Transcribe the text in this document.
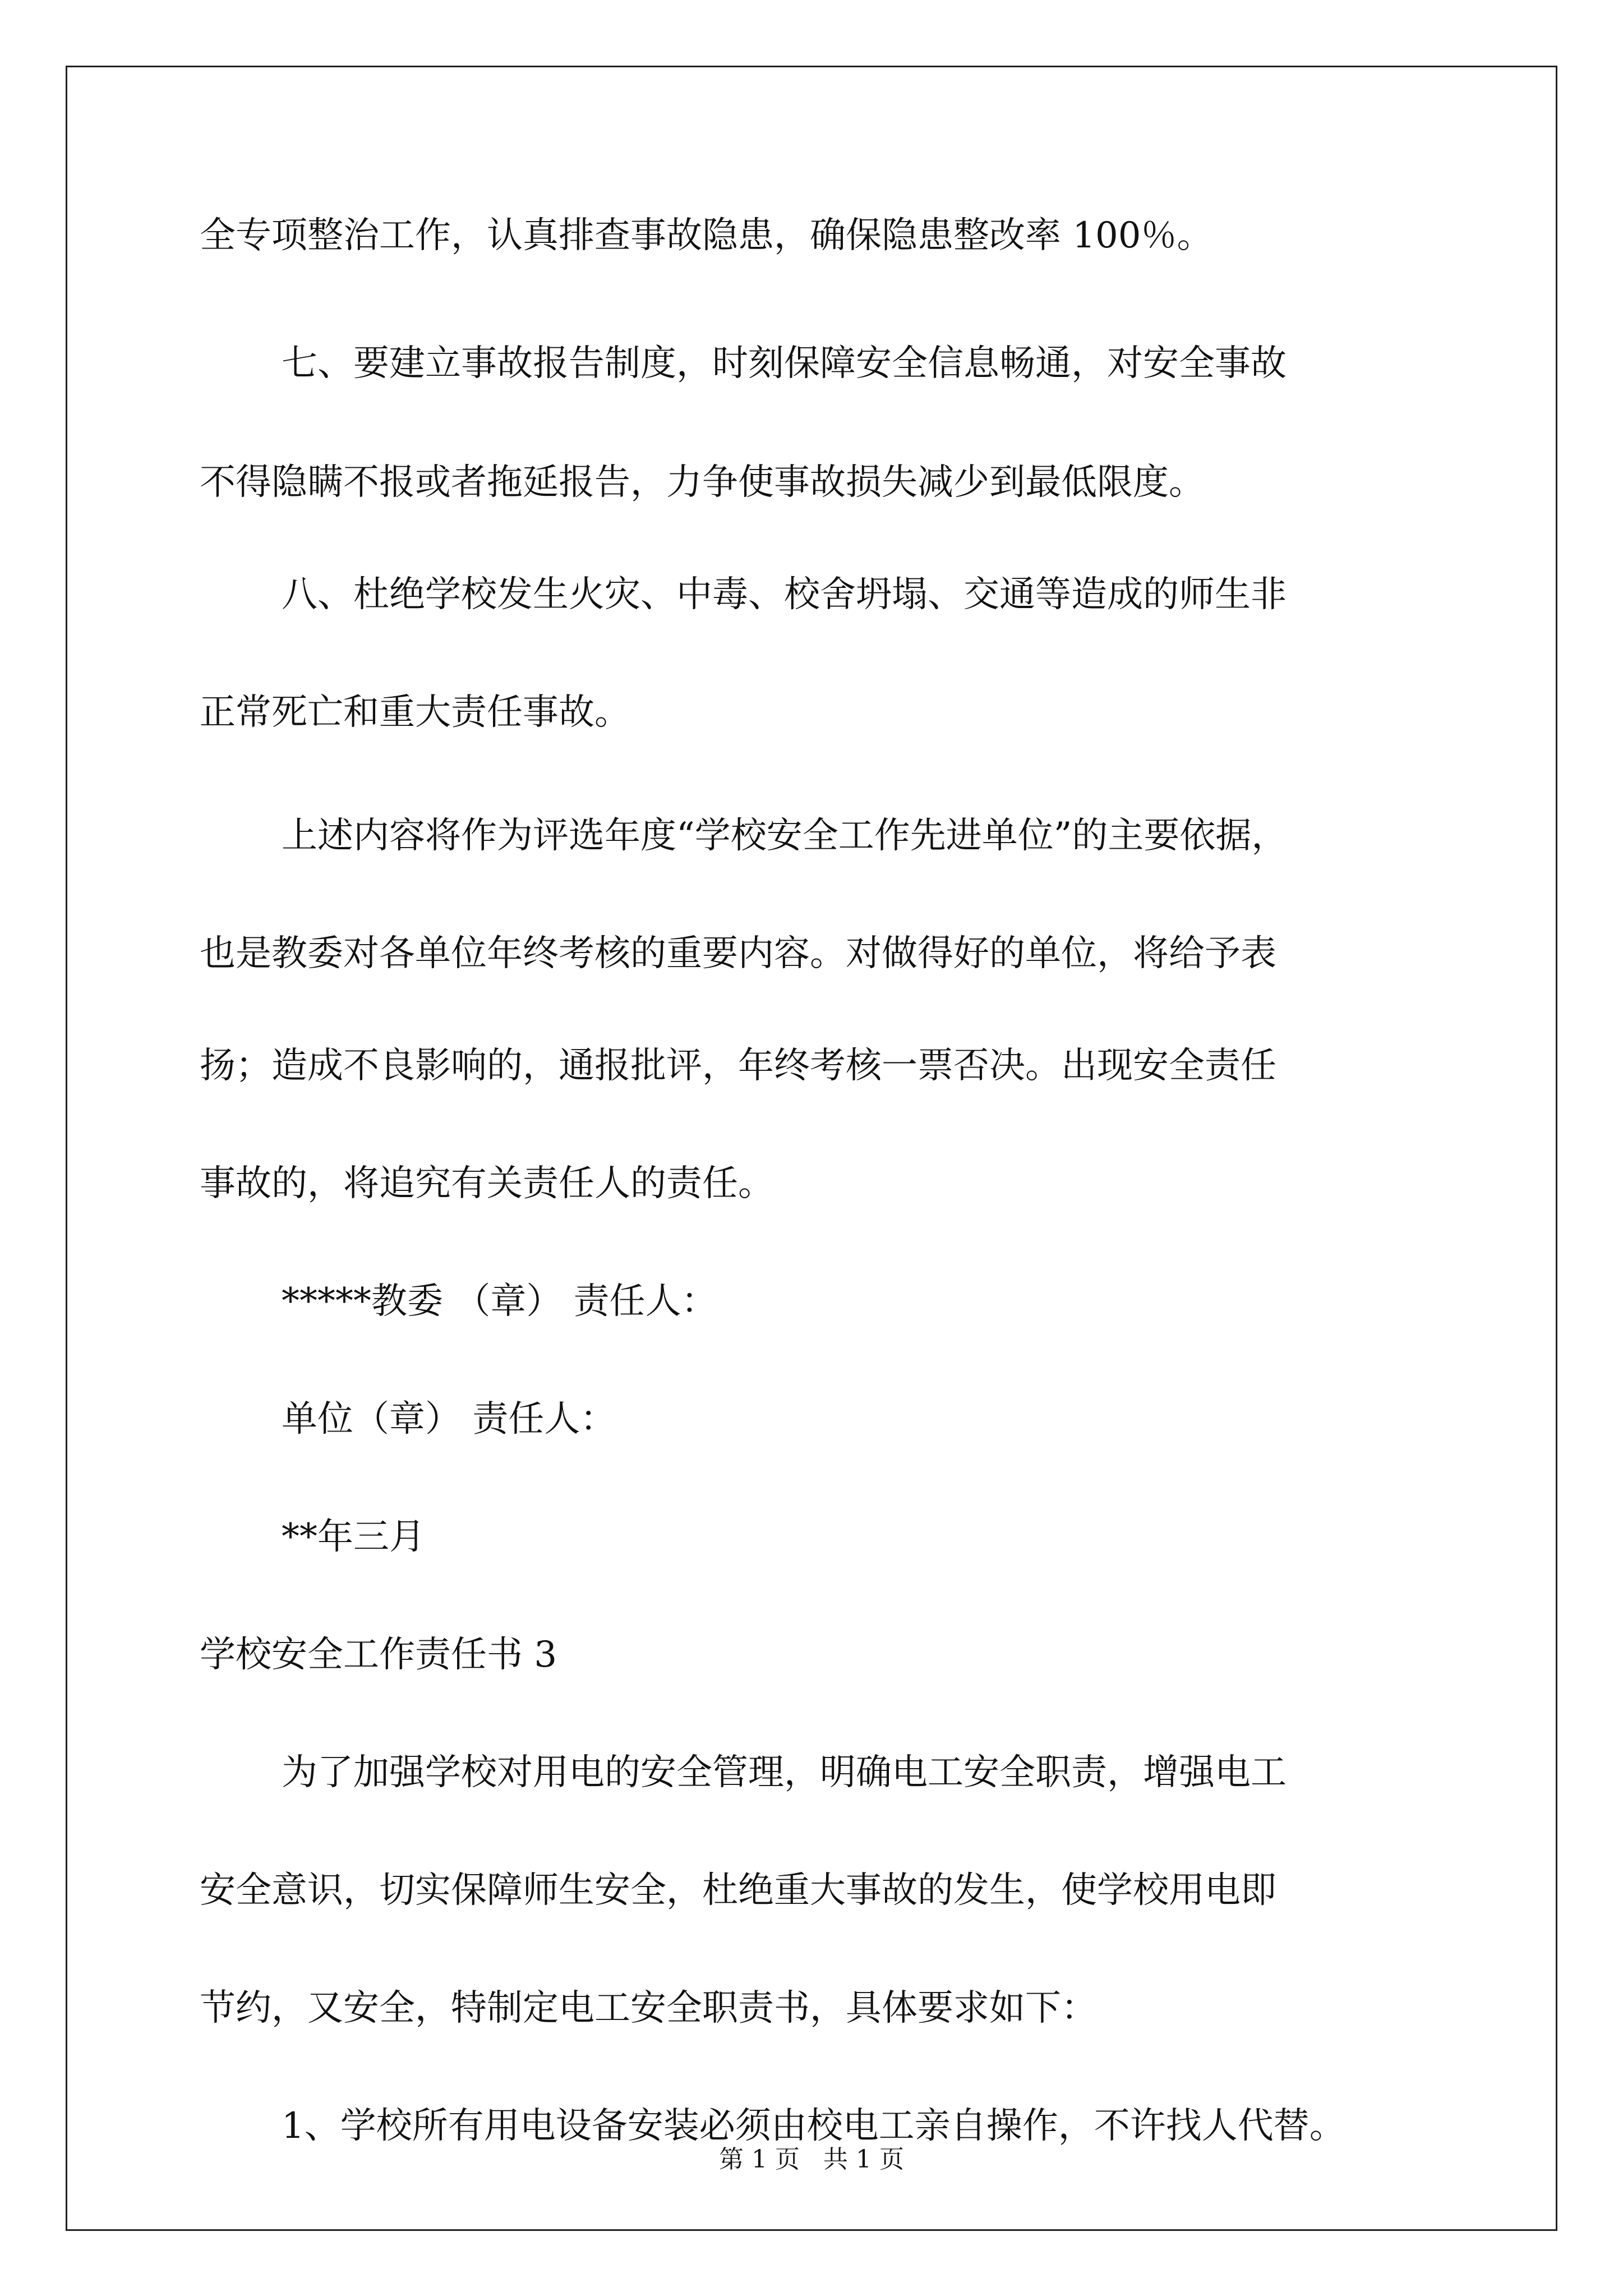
全专项整治工作，认真排查事故隐患，确保隐患整改率 100％。
七、要建立事故报告制度，时刻保障安全信息畅通，对安全事故
不得隐瞒不报或者拖延报告，力争使事故损失减少到最低限度。
八、杜绝学校发生火灾、中毒、校舍坍塌、交通等造成的师生非
正常死亡和重大责任事故。
上述内容将作为评选年度“学校安全工作先进单位”的主要依据，
也是教委对各单位年终考核的重要内容。对做得好的单位，将给予表
扬；造成不良影响的，通报批评，年终考核一票否决。出现安全责任
事故的，将追究有关责任人的责任。
*****教委 （章） 责任人：
单位（章） 责任人：
**年三月
学校安全工作责任书 3
为了加强学校对用电的安全管理，明确电工安全职责，增强电工
安全意识，切实保障师生安全，杜绝重大事故的发生，使学校用电即
节约，又安全，特制定电工安全职责书，具体要求如下：
1、学校所有用电设备安装必须由校电工亲自操作，不许找人代替。
第 1 页   共 1 页
